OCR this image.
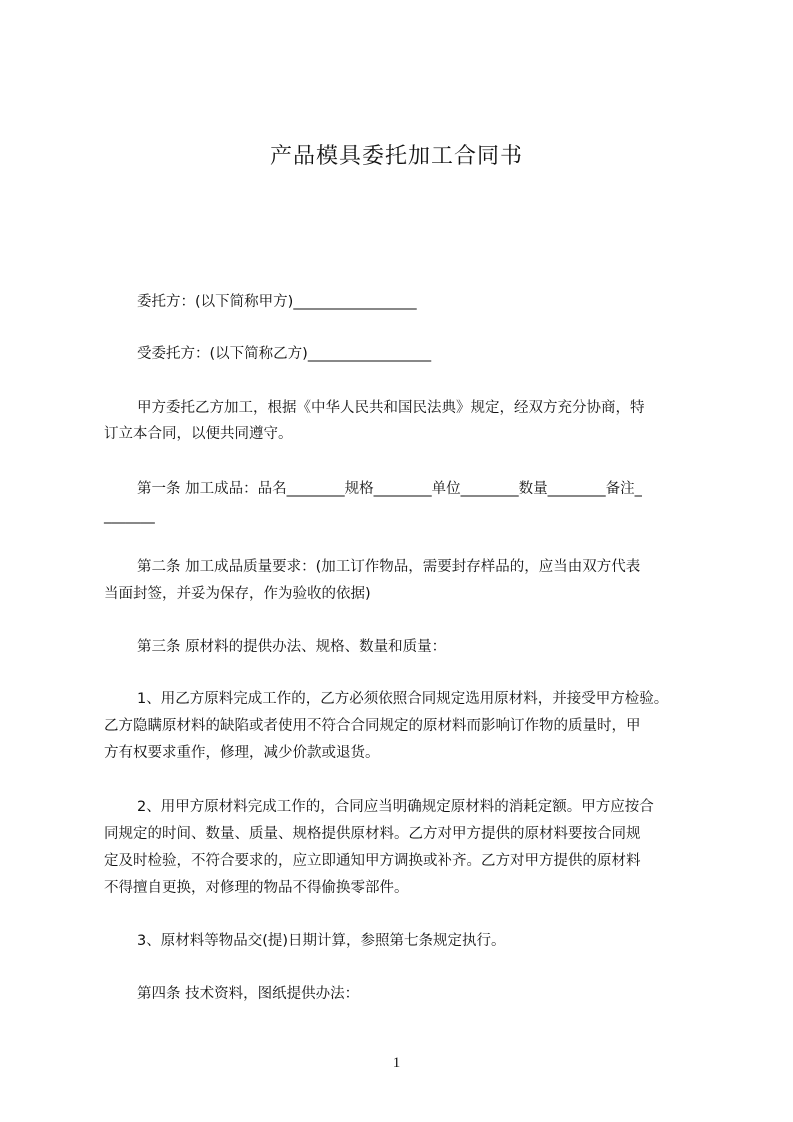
产品模具委托加工合同书
委托方：(以下简称甲方)_________________
受委托方：(以下简称乙方)_________________
甲方委托乙方加工，根据《中华人民共和国民法典》规定，经双方充分协商，特
订立本合同，以便共同遵守。
第一条 加工成品：品名________规格________单位________数量________备注_
_______
第二条 加工成品质量要求：(加工订作物品，需要封存样品的，应当由双方代表
当面封签，并妥为保存，作为验收的依据)
第三条 原材料的提供办法、规格、数量和质量：
1、用乙方原料完成工作的，乙方必须依照合同规定选用原材料，并接受甲方检验。
乙方隐瞒原材料的缺陷或者使用不符合合同规定的原材料而影响订作物的质量时，甲
方有权要求重作，修理，减少价款或退货。
2、用甲方原材料完成工作的，合同应当明确规定原材料的消耗定额。甲方应按合
同规定的时间、数量、质量、规格提供原材料。乙方对甲方提供的原材料要按合同规
定及时检验，不符合要求的，应立即通知甲方调换或补齐。乙方对甲方提供的原材料
不得擅自更换，对修理的物品不得偷换零部件。
3、原材料等物品交(提)日期计算，参照第七条规定执行。
第四条 技术资料，图纸提供办法：
1
